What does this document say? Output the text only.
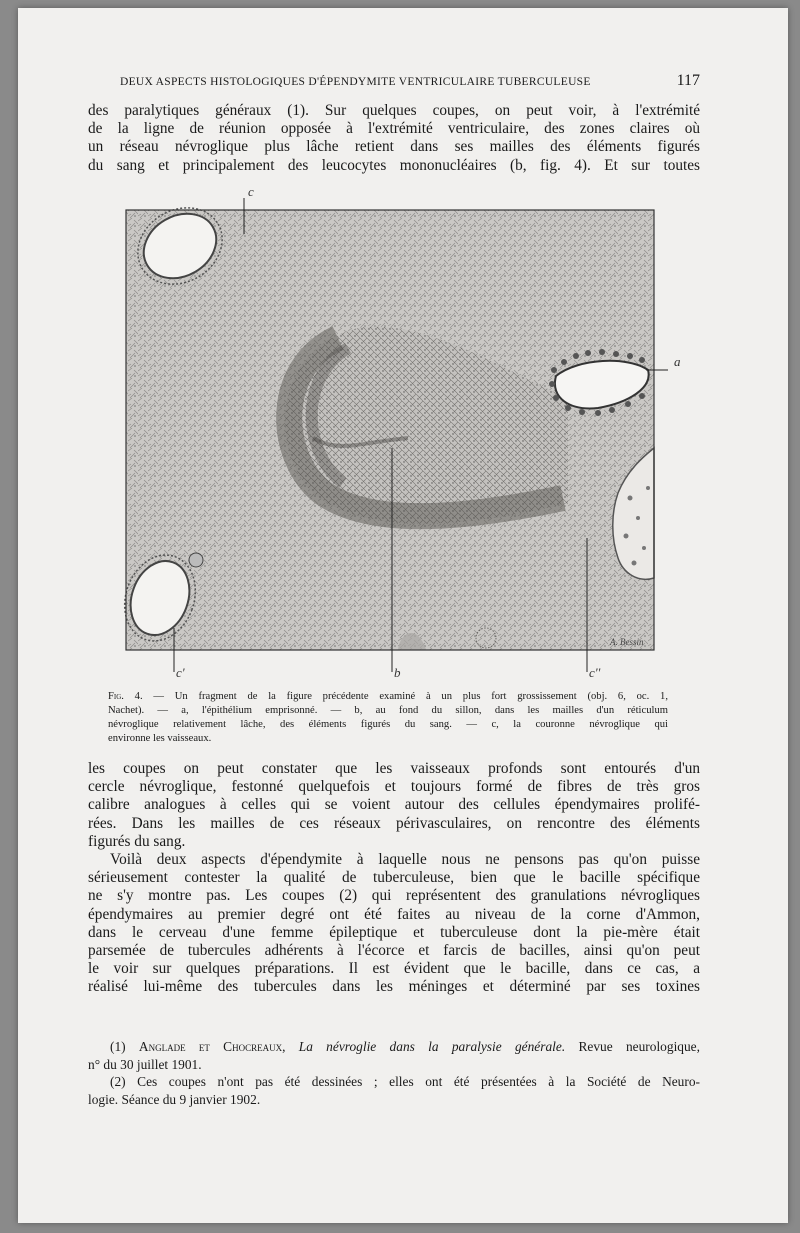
DEUX ASPECTS HISTOLOGIQUES D'ÉPENDYMITE VENTRICULAIRE TUBERCULEUSE	117

des paralytiques généraux (1). Sur quelques coupes, on peut voir, à l'extrémité
de la ligne de réunion opposée à l'extrémité ventriculaire, des zones claires où
un réseau névroglique plus lâche retient dans ses mailles des éléments figurés
du sang et principalement des leucocytes mononucléaires (b, fig. 4). Et sur toutes

c
a
c'	b	c''
A. Bessin
Fig. 4. — Un fragment de la figure précédente examiné à un plus fort grossissement (obj. 6, oc. 1,
Nachet). — a, l'épithélium emprisonné. — b, au fond du sillon, dans les mailles d'un réticulum
névroglique relativement lâche, des éléments figurés du sang. — c, la couronne névroglique qui
environne les vaisseaux.

les coupes on peut constater que les vaisseaux profonds sont entourés d'un
cercle névroglique, festonné quelquefois et toujours formé de fibres de très gros
calibre analogues à celles qui se voient autour des cellules épendymaires prolifé-
rées. Dans les mailles de ces réseaux périvasculaires, on rencontre des éléments
figurés du sang.

Voilà deux aspects d'épendymite à laquelle nous ne pensons pas qu'on puisse
sérieusement contester la qualité de tuberculeuse, bien que le bacille spécifique
ne s'y montre pas. Les coupes (2) qui représentent des granulations névrogliques
épendymaires au premier degré ont été faites au niveau de la corne d'Ammon,
dans le cerveau d'une femme épileptique et tuberculeuse dont la pie-mère était
parsemée de tubercules adhérents à l'écorce et farcis de bacilles, ainsi qu'on peut
le voir sur quelques préparations. Il est évident que le bacille, dans ce cas, a
réalisé lui-même des tubercules dans les méninges et déterminé par ses toxines

(1) Anglade et Chocreaux, La névroglie dans la paralysie générale. Revue neurologique,
n° du 30 juillet 1901.
(2) Ces coupes n'ont pas été dessinées ; elles ont été présentées à la Société de Neuro-
logie. Séance du 9 janvier 1902.
